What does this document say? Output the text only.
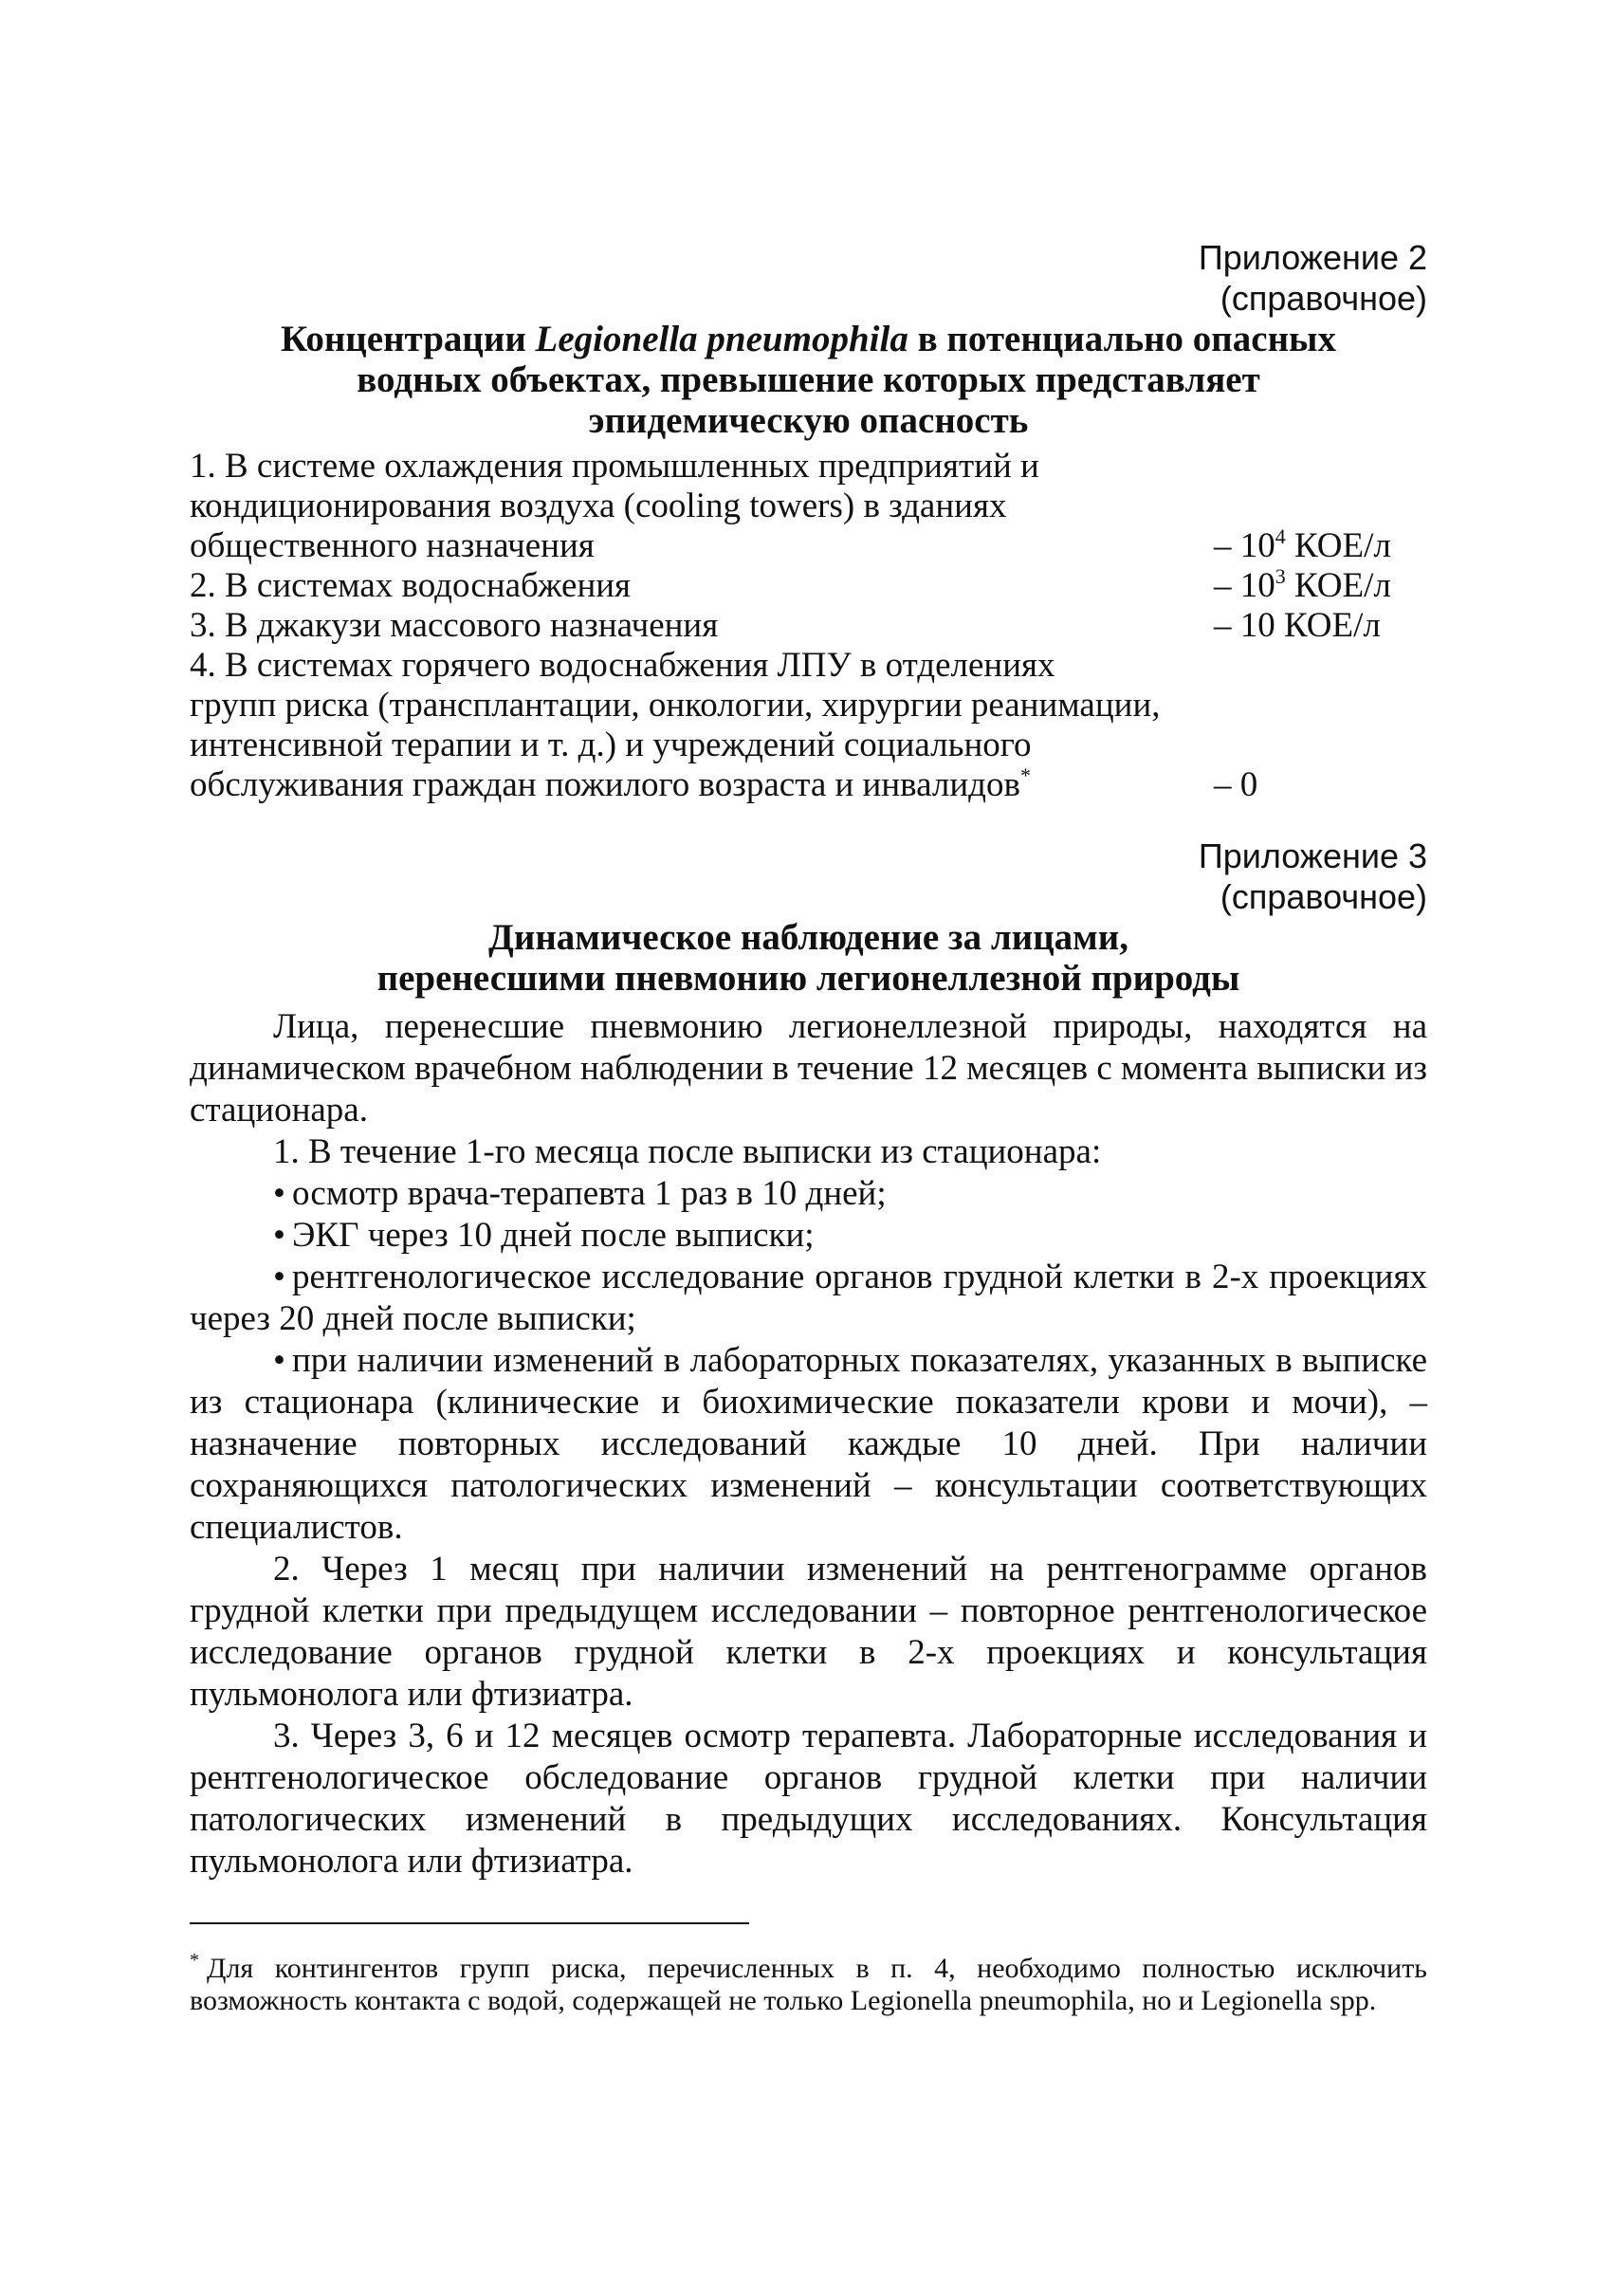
Приложение 2
(справочное)
Концентрации Legionella pneumophila в потенциально опасных
водных объектах, превышение которых представляет
эпидемическую опасность
1. В системе охлаждения промышленных предприятий и
кондиционирования воздуха (cooling towers) в зданиях
общественного назначения	– $10^4$ КОЕ/л
2. В системах водоснабжения	– $10^3$ КОЕ/л
3. В джакузи массового назначения	– 10 КОЕ/л
4. В системах горячего водоснабжения ЛПУ в отделениях
групп риска (трансплантации, онкологии, хирургии реанимации,
интенсивной терапии и т. д.) и учреждений социального
обслуживания граждан пожилого возраста и инвалидов*	– 0
Приложение 3
(справочное)
Динамическое наблюдение за лицами,
перенесшими пневмонию легионеллезной природы

Лица, перенесшие пневмонию легионеллезной природы, находятся на динамическом врачебном наблюдении в течение 12 месяцев с момента выписки из стационара.

1. В течение 1-го месяца после выписки из стационара:

• осмотр врача-терапевта 1 раз в 10 дней;

• ЭКГ через 10 дней после выписки;

• рентгенологическое исследование органов грудной клетки в 2-х проекциях через 20 дней после выписки;

• при наличии изменений в лабораторных показателях, указанных в выписке из стационара (клинические и биохимические показатели крови и мочи), – назначение повторных исследований каждые 10 дней. При наличии сохраняющихся патологических изменений – консультации соответствующих специалистов.

2. Через 1 месяц при наличии изменений на рентгенограмме органов грудной клетки при предыдущем исследовании – повторное рентгенологическое исследование органов грудной клетки в 2-х проекциях и консультация пульмонолога или фтизиатра.

3. Через 3, 6 и 12 месяцев осмотр терапевта. Лабораторные исследования и рентгенологическое обследование органов грудной клетки при наличии патологических изменений в предыдущих исследованиях. Консультация пульмонолога или фтизиатра.

* Для контингентов групп риска, перечисленных в п. 4, необходимо полностью исключить возможность контакта с водой, содержащей не только Legionella pneumophila, но и Legionella spp.
